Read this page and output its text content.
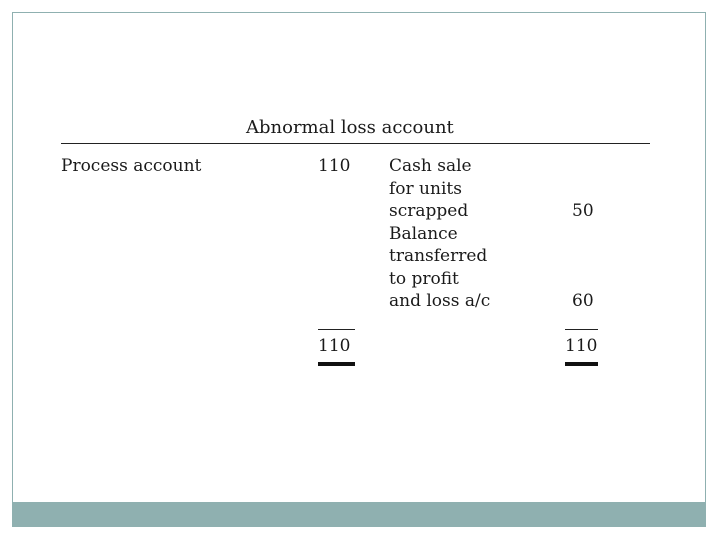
Abnormal loss account
Process account	110 Cash sale
for units
scrapped
Balance
transferred
to profit
and loss a/c
50
60
110	110
